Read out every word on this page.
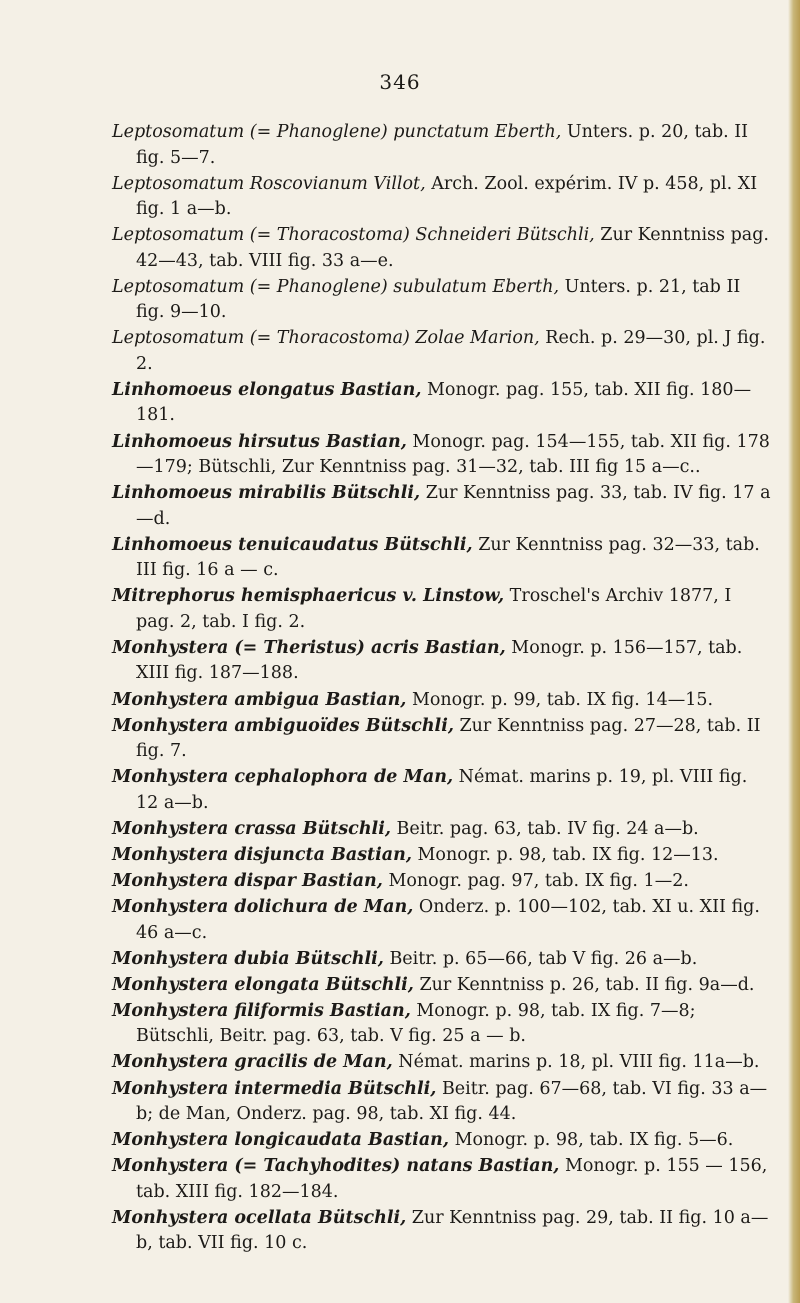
346

Leptosomatum (= Phanoglene) punctatum Eberth, Unters. p. 20, tab. II fig. 5—7.

Leptosomatum Roscovianum Villot, Arch. Zool. expérim. IV p. 458, pl. XI fig. 1 a—b.

Leptosomatum (= Thoracostoma) Schneideri Bütschli, Zur Kenntniss pag. 42—43, tab. VIII fig. 33 a—e.

Leptosomatum (= Phanoglene) subulatum Eberth, Unters. p. 21, tab II fig. 9—10.

Leptosomatum (= Thoracostoma) Zolae Marion, Rech. p. 29—30, pl. J fig. 2.

Linhomoeus elongatus Bastian, Monogr. pag. 155, tab. XII fig. 180—181.

Linhomoeus hirsutus Bastian, Monogr. pag. 154—155, tab. XII fig. 178—179; Bütschli, Zur Kenntniss pag. 31—32, tab. III fig 15 a—c..

Linhomoeus mirabilis Bütschli, Zur Kenntniss pag. 33, tab. IV fig. 17 a—d.

Linhomoeus tenuicaudatus Bütschli, Zur Kenntniss pag. 32—33, tab. III fig. 16 a — c.

Mitrephorus hemisphaericus v. Linstow, Troschel's Archiv 1877, I pag. 2, tab. I fig. 2.

Monhystera (= Theristus) acris Bastian, Monogr. p. 156—157, tab. XIII fig. 187—188.

Monhystera ambigua Bastian, Monogr. p. 99, tab. IX fig. 14—15.

Monhystera ambiguoïdes Bütschli, Zur Kenntniss pag. 27—28, tab. II fig. 7.

Monhystera cephalophora de Man, Némat. marins p. 19, pl. VIII fig. 12 a—b.

Monhystera crassa Bütschli, Beitr. pag. 63, tab. IV fig. 24 a—b.

Monhystera disjuncta Bastian, Monogr. p. 98, tab. IX fig. 12—13.

Monhystera dispar Bastian, Monogr. pag. 97, tab. IX fig. 1—2.

Monhystera dolichura de Man, Onderz. p. 100—102, tab. XI u. XII fig. 46 a—c.

Monhystera dubia Bütschli, Beitr. p. 65—66, tab V fig. 26 a—b.

Monhystera elongata Bütschli, Zur Kenntniss p. 26, tab. II fig. 9a—d.

Monhystera filiformis Bastian, Monogr. p. 98, tab. IX fig. 7—8; Bütschli, Beitr. pag. 63, tab. V fig. 25 a — b.

Monhystera gracilis de Man, Némat. marins p. 18, pl. VIII fig. 11a—b.

Monhystera intermedia Bütschli, Beitr. pag. 67—68, tab. VI fig. 33 a—b; de Man, Onderz. pag. 98, tab. XI fig. 44.

Monhystera longicaudata Bastian, Monogr. p. 98, tab. IX fig. 5—6.

Monhystera (= Tachyhodites) natans Bastian, Monogr. p. 155 — 156, tab. XIII fig. 182—184.

Monhystera ocellata Bütschli, Zur Kenntniss pag. 29, tab. II fig. 10 a—b, tab. VII fig. 10 c.
